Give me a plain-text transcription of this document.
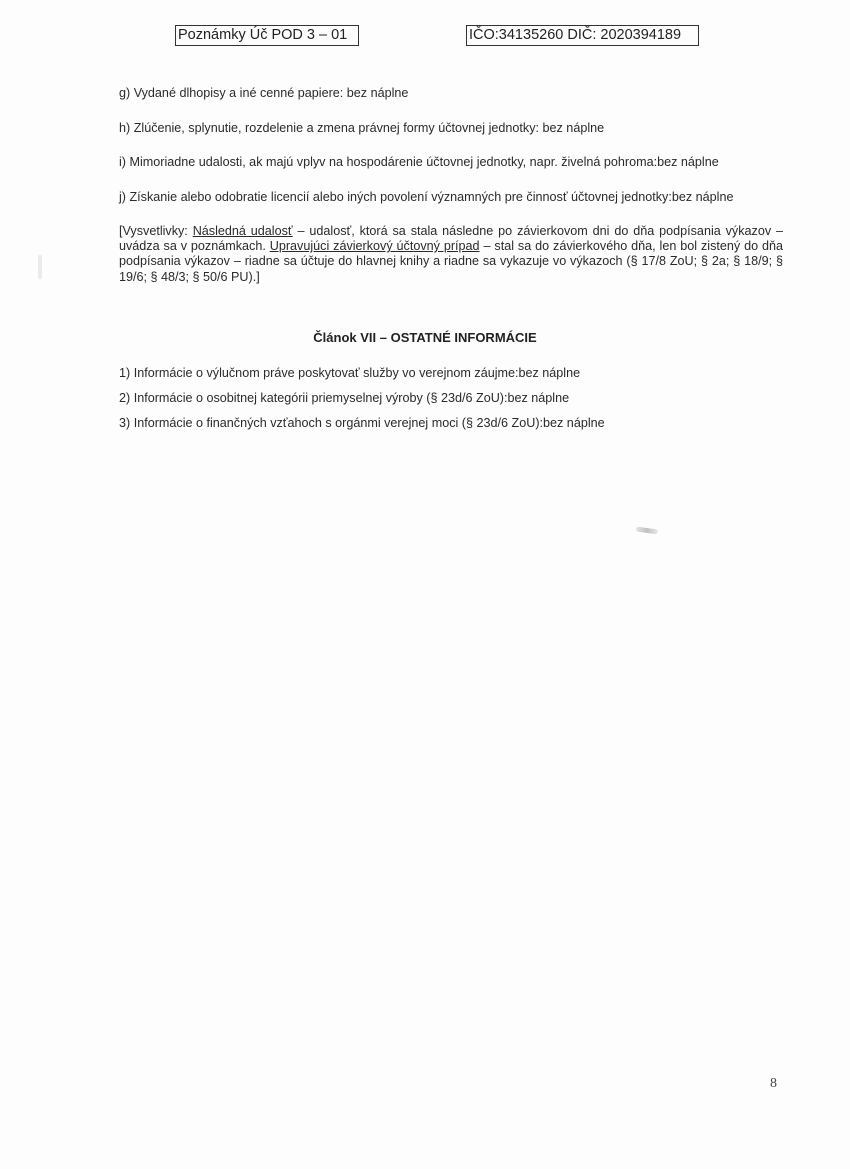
Poznámky Úč POD 3 – 01	IČO:34135260 DIČ: 2020394189
g) Vydané dlhopisy a iné cenné papiere: bez náplne
h) Zlúčenie, splynutie, rozdelenie a zmena právnej formy účtovnej jednotky: bez náplne
i) Mimoriadne udalosti, ak majú vplyv na hospodárenie účtovnej jednotky, napr. živelná pohroma:bez náplne
j) Získanie alebo odobratie licencií alebo iných povolení významných pre činnosť účtovnej jednotky:bez náplne
[Vysvetlivky: Následná udalosť – udalosť, ktorá sa stala následne po závierkovom dni do dňa podpísania výkazov – uvádza sa v poznámkach. Upravujúci závierkový účtovný prípad – stal sa do závierkového dňa, len bol zistený do dňa podpísania výkazov – riadne sa účtuje do hlavnej knihy a riadne sa vykazuje vo výkazoch (§ 17/8 ZoU; § 2a; § 18/9; § 19/6; § 48/3; § 50/6 PU).]
Článok VII – OSTATNÉ INFORMÁCIE
1) Informácie o výlučnom práve poskytovať služby vo verejnom záujme:bez náplne
2) Informácie o osobitnej kategórii priemyselnej výroby (§ 23d/6 ZoU):bez náplne
3) Informácie o finančných vzťahoch s orgánmi verejnej moci (§ 23d/6 ZoU):bez náplne
8
